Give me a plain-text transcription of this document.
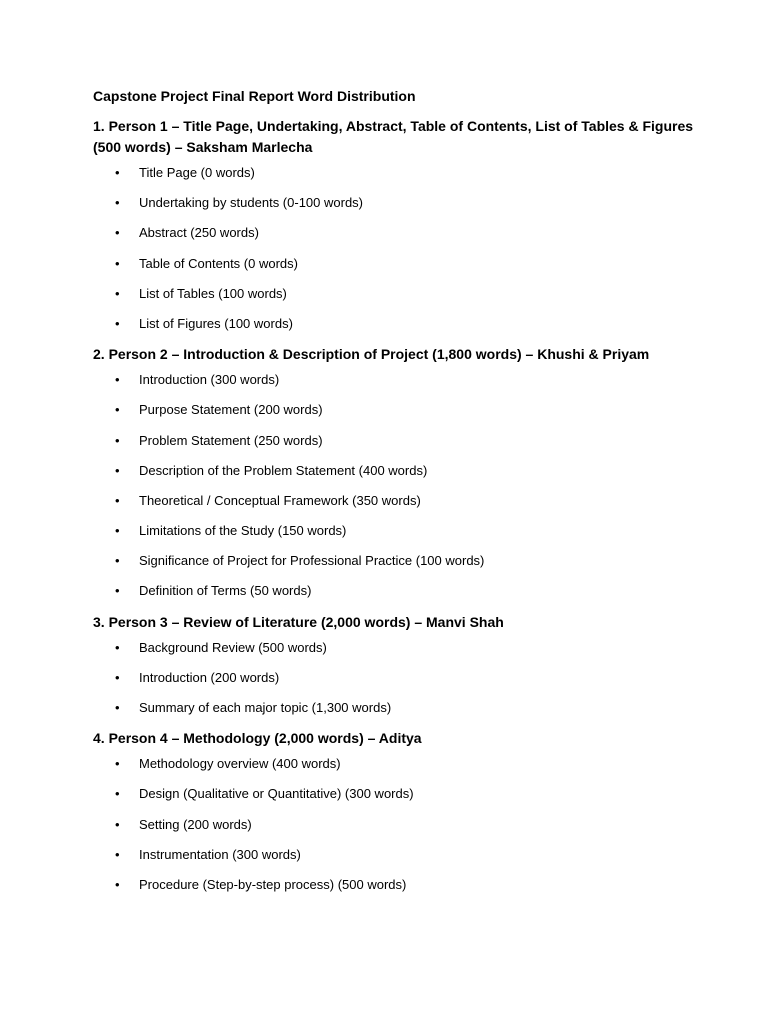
Capstone Project Final Report Word Distribution
1. Person 1 – Title Page, Undertaking, Abstract, Table of Contents, List of Tables & Figures (500 words) – Saksham Marlecha
• Title Page (0 words)
• Undertaking by students (0-100 words)
• Abstract (250 words)
• Table of Contents (0 words)
• List of Tables (100 words)
• List of Figures (100 words)
2. Person 2 – Introduction & Description of Project (1,800 words) – Khushi & Priyam
• Introduction (300 words)
• Purpose Statement (200 words)
• Problem Statement (250 words)
• Description of the Problem Statement (400 words)
• Theoretical / Conceptual Framework (350 words)
• Limitations of the Study (150 words)
• Significance of Project for Professional Practice (100 words)
• Definition of Terms (50 words)
3. Person 3 – Review of Literature (2,000 words) – Manvi Shah
• Background Review (500 words)
• Introduction (200 words)
• Summary of each major topic (1,300 words)
4. Person 4 – Methodology (2,000 words) – Aditya
• Methodology overview (400 words)
• Design (Qualitative or Quantitative) (300 words)
• Setting (200 words)
• Instrumentation (300 words)
• Procedure (Step-by-step process) (500 words)
